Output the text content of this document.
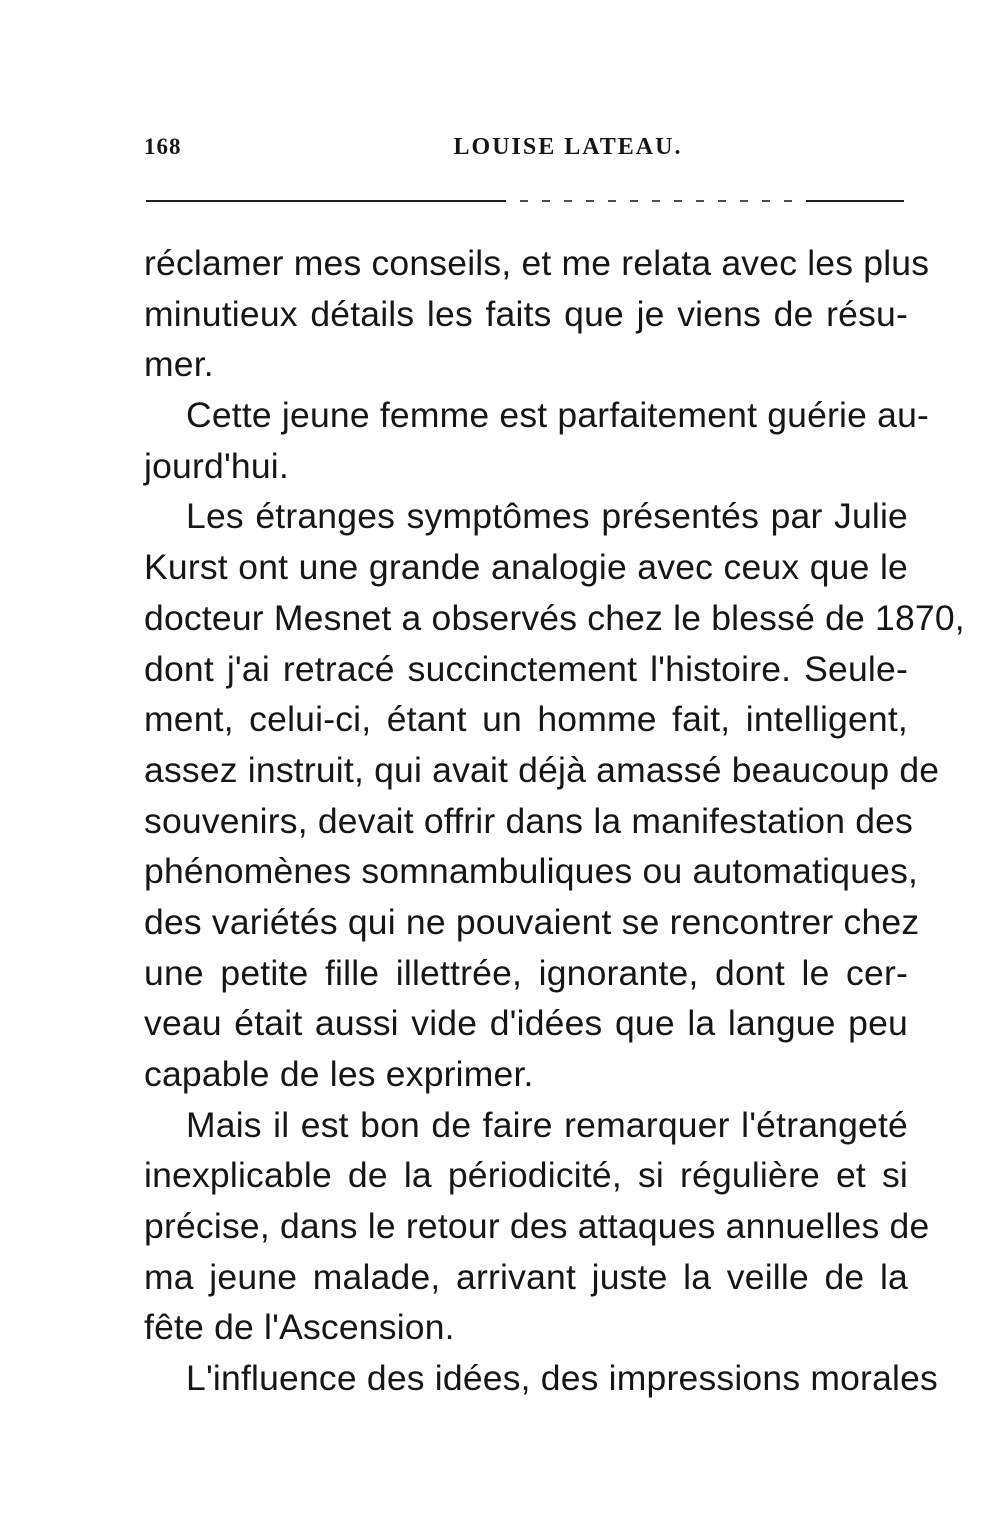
168	LOUISE LATEAU.
réclamer mes conseils, et me relata avec les plus
minutieux détails les faits que je viens de résu-
mer.
Cette jeune femme est parfaitement guérie au-
jourd'hui.
Les étranges symptômes présentés par Julie
Kurst ont une grande analogie avec ceux que le
docteur Mesnet a observés chez le blessé de 1870,
dont j'ai retracé succinctement l'histoire. Seule-
ment, celui-ci, étant un homme fait, intelligent,
assez instruit, qui avait déjà amassé beaucoup de
souvenirs, devait offrir dans la manifestation des
phénomènes somnambuliques ou automatiques,
des variétés qui ne pouvaient se rencontrer chez
une petite fille illettrée, ignorante, dont le cer-
veau était aussi vide d'idées que la langue peu
capable de les exprimer.
Mais il est bon de faire remarquer l'étrangeté
inexplicable de la périodicité, si régulière et si
précise, dans le retour des attaques annuelles de
ma jeune malade, arrivant juste la veille de la
fête de l'Ascension.
L'influence des idées, des impressions morales
